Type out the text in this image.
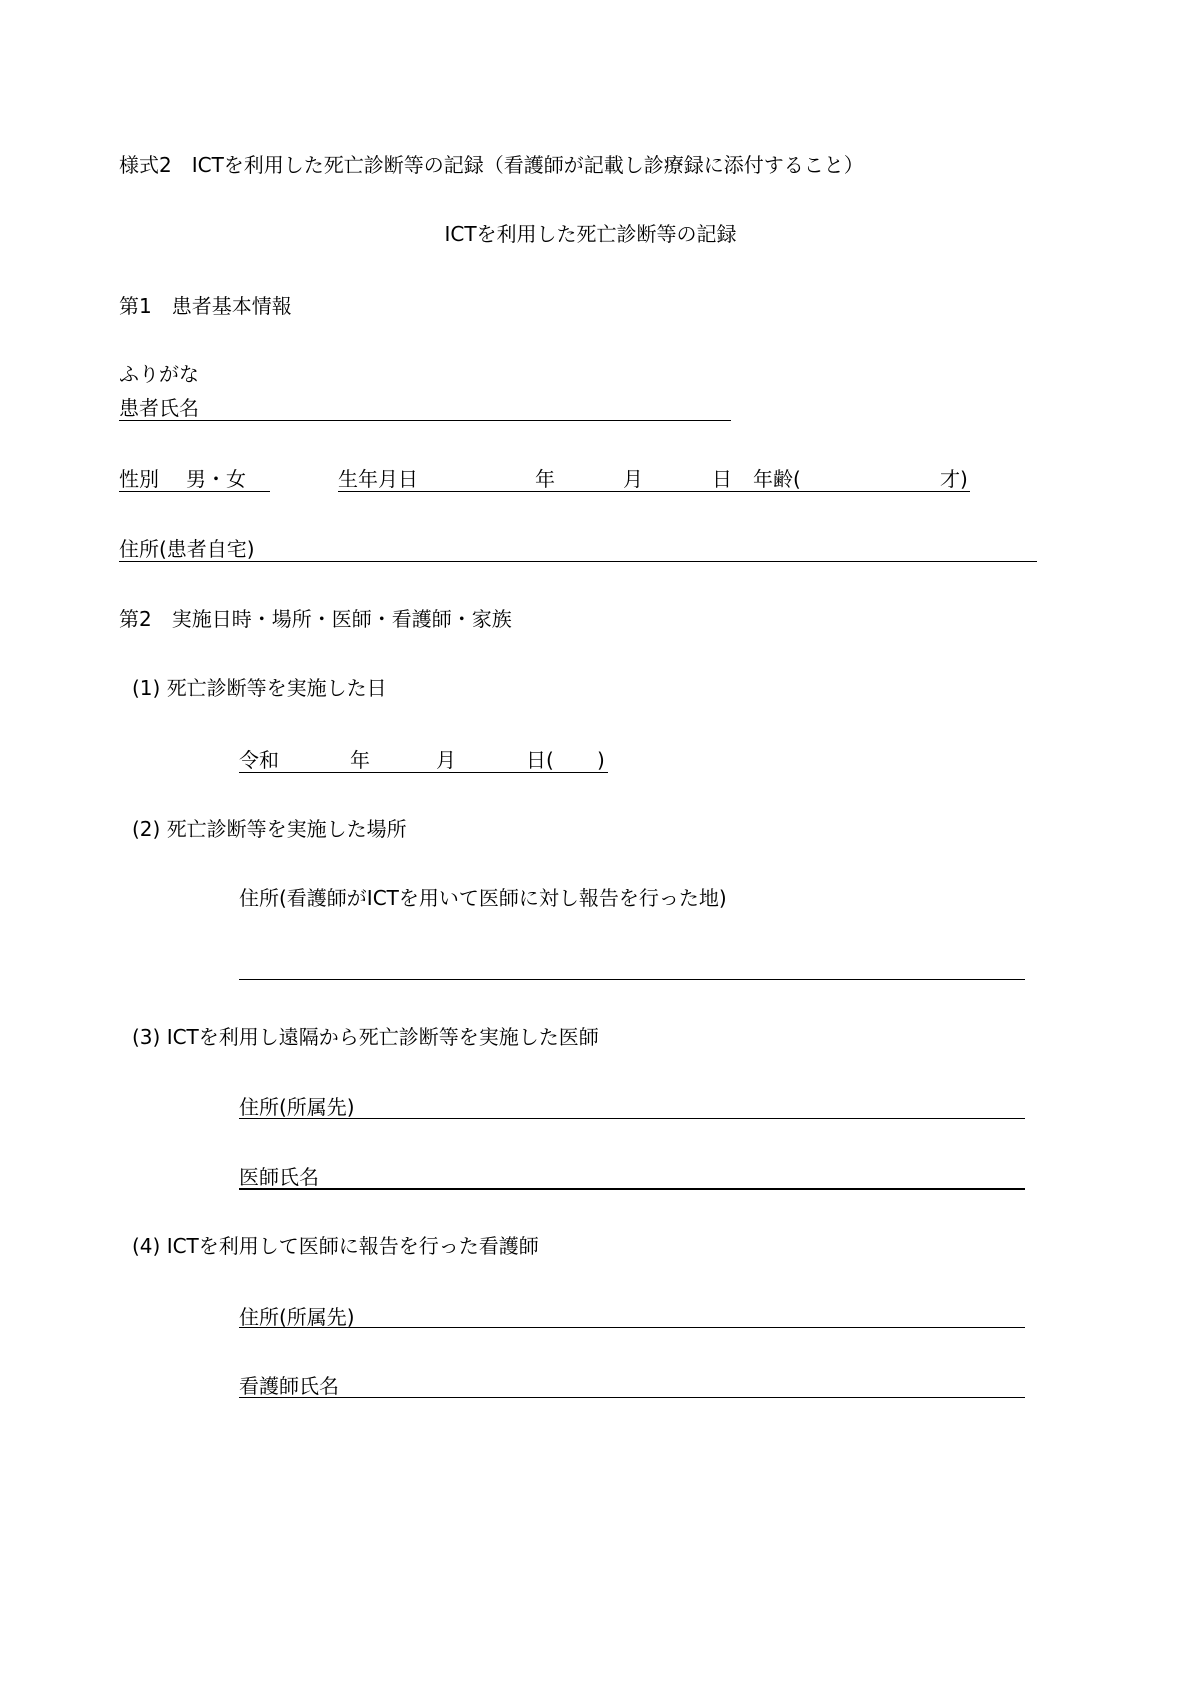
様式2　ICTを利用した死亡診断等の記録（看護師が記載し診療録に添付すること）
ICTを利用した死亡診断等の記録
第1　患者基本情報
ふりがな
患者氏名
性別 男・女	生年月日	年	月	日 年齢(	才)
住所(患者自宅)
第2　実施日時・場所・医師・看護師・家族
(1) 死亡診断等を実施した日
令和	年	月	日( )
(2) 死亡診断等を実施した場所
住所(看護師がICTを用いて医師に対し報告を行った地)
(3) ICTを利用し遠隔から死亡診断等を実施した医師
住所(所属先)
医師氏名
(4) ICTを利用して医師に報告を行った看護師
住所(所属先)
看護師氏名
